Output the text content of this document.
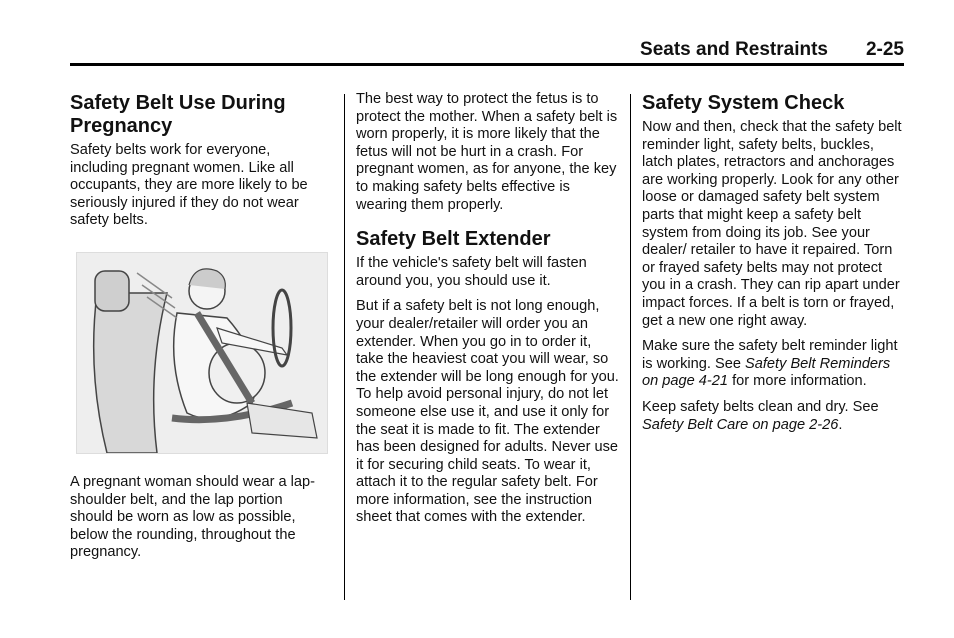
Seats and Restraints 2-25
Safety Belt Use During Pregnancy

Safety belts work for everyone, including pregnant women. Like all occupants, they are more likely to be seriously injured if they do not wear safety belts.

A pregnant woman should wear a lap-shoulder belt, and the lap portion should be worn as low as possible, below the rounding, throughout the pregnancy.

The best way to protect the fetus is to protect the mother. When a safety belt is worn properly, it is more likely that the fetus will not be hurt in a crash. For pregnant women, as for anyone, the key to making safety belts effective is wearing them properly.

Safety Belt Extender

If the vehicle's safety belt will fasten around you, you should use it.

But if a safety belt is not long enough, your dealer/retailer will order you an extender. When you go in to order it, take the heaviest coat you will wear, so the extender will be long enough for you. To help avoid personal injury, do not let someone else use it, and use it only for the seat it is made to fit. The extender has been designed for adults. Never use it for securing child seats. To wear it, attach it to the regular safety belt. For more information, see the instruction sheet that comes with the extender.

Safety System Check

Now and then, check that the safety belt reminder light, safety belts, buckles, latch plates, retractors and anchorages are working properly. Look for any other loose or damaged safety belt system parts that might keep a safety belt system from doing its job. See your dealer/ retailer to have it repaired. Torn or frayed safety belts may not protect you in a crash. They can rip apart under impact forces. If a belt is torn or frayed, get a new one right away.

Make sure the safety belt reminder light is working. See Safety Belt Reminders on page 4-21 for more information.

Keep safety belts clean and dry. See Safety Belt Care on page 2-26.
